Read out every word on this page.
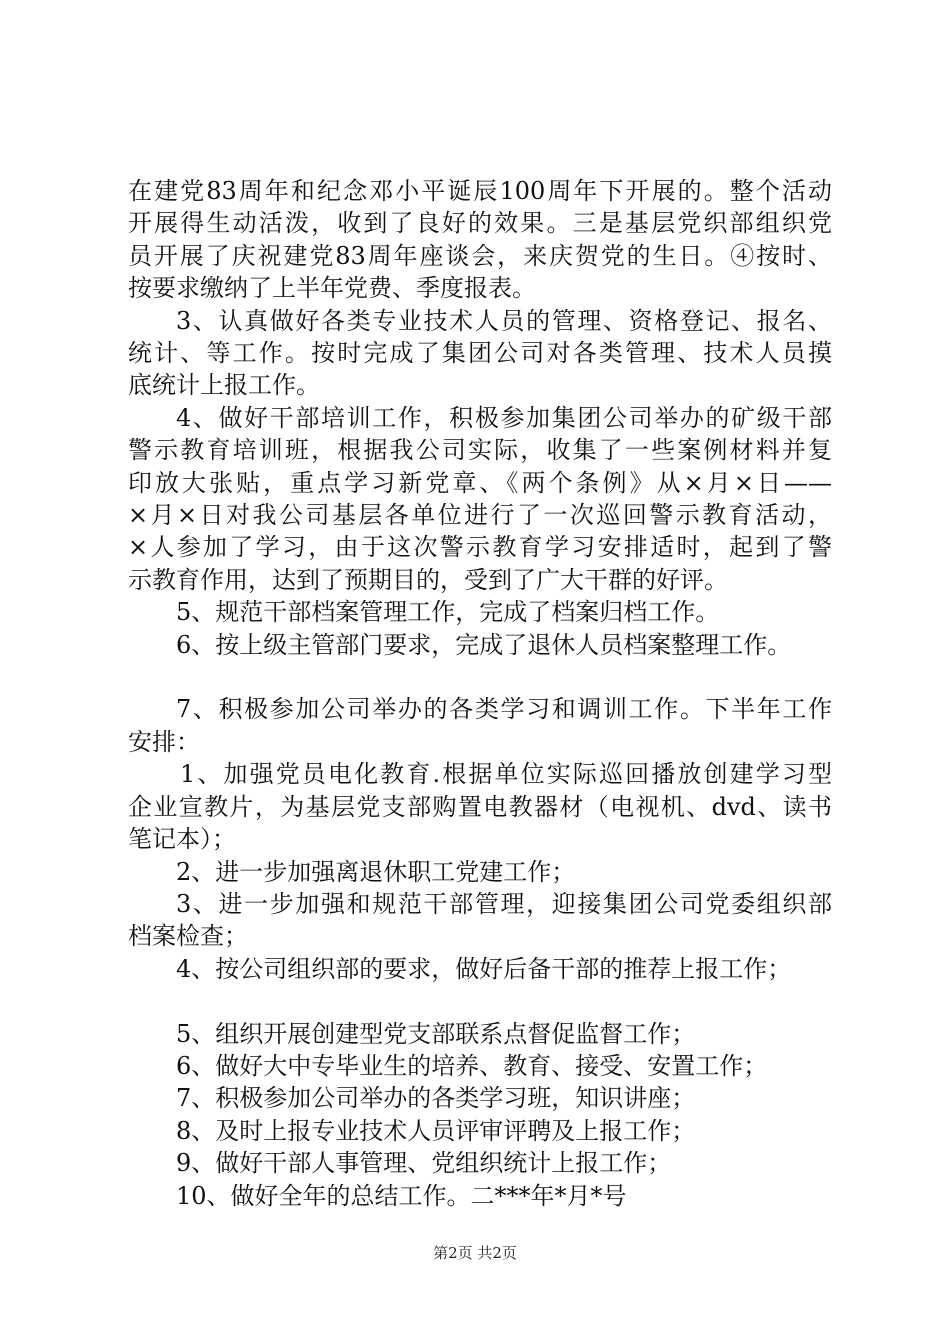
在建党83周年和纪念邓小平诞辰100周年下开展的。整个活动
开展得生动活泼，收到了良好的效果。三是基层党织部组织党
员开展了庆祝建党83周年座谈会，来庆贺党的生日。④按时、
按要求缴纳了上半年党费、季度报表。
3、认真做好各类专业技术人员的管理、资格登记、报名、
统计、等工作。按时完成了集团公司对各类管理、技术人员摸
底统计上报工作。
4、做好干部培训工作，积极参加集团公司举办的矿级干部
警示教育培训班，根据我公司实际，收集了一些案例材料并复
印放大张贴，重点学习新党章、《两个条例》从×月×日——
×月×日对我公司基层各单位进行了一次巡回警示教育活动，
×人参加了学习，由于这次警示教育学习安排适时，起到了警
示教育作用，达到了预期目的，受到了广大干群的好评。
5、规范干部档案管理工作，完成了档案归档工作。
6、按上级主管部门要求，完成了退休人员档案整理工作。
7、积极参加公司举办的各类学习和调训工作。下半年工作
安排：
1、加强党员电化教育.根据单位实际巡回播放创建学习型
企业宣教片，为基层党支部购置电教器材（电视机、dvd、读书
笔记本）；
2、进一步加强离退休职工党建工作；
3、进一步加强和规范干部管理，迎接集团公司党委组织部
档案检查；
4、按公司组织部的要求，做好后备干部的推荐上报工作；
5、组织开展创建型党支部联系点督促监督工作；
6、做好大中专毕业生的培养、教育、接受、安置工作；
7、积极参加公司举办的各类学习班，知识讲座；
8、及时上报专业技术人员评审评聘及上报工作；
9、做好干部人事管理、党组织统计上报工作；
10、做好全年的总结工作。二***年*月*号
第2页 共2页
